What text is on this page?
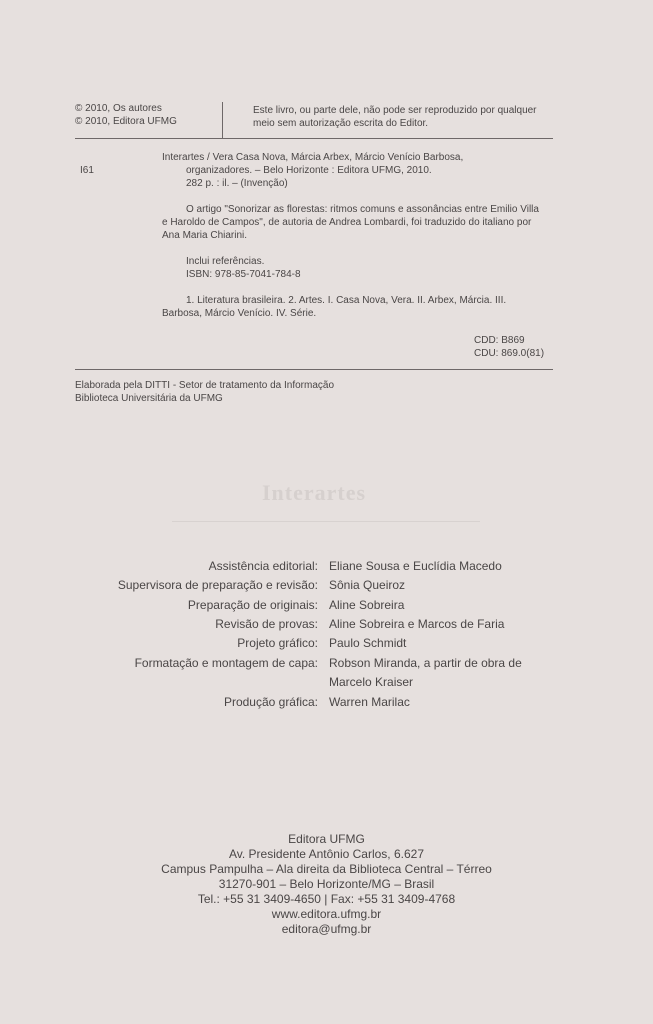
Interartes
© 2010, Os autores
© 2010, Editora UFMG
Este livro, ou parte dele, não pode ser reproduzido por qualquer
meio sem autorização escrita do Editor.
I61
Interartes / Vera Casa Nova, Márcia Arbex, Márcio Venício Barbosa,
organizadores. – Belo Horizonte : Editora UFMG, 2010.
282 p. : il. – (Invenção)
O artigo "Sonorizar as florestas: ritmos comuns e assonâncias entre Emilio Villa
e Haroldo de Campos", de autoria de Andrea Lombardi, foi traduzido do italiano por
Ana Maria Chiarini.
Inclui referências.
ISBN: 978-85-7041-784-8
1. Literatura brasileira. 2. Artes. I. Casa Nova, Vera. II. Arbex, Márcia. III.
Barbosa, Márcio Venício. IV. Série.
CDD: B869
CDU: 869.0(81)
Elaborada pela DITTI - Setor de tratamento da Informação
Biblioteca Universitária da UFMG
Assistência editorial: Eliane Sousa e Euclídia Macedo
Supervisora de preparação e revisão: Sônia Queiroz
Preparação de originais: Aline Sobreira
Revisão de provas: Aline Sobreira e Marcos de Faria
Projeto gráfico: Paulo Schmidt
Formatação e montagem de capa: Robson Miranda, a partir de obra de
Marcelo Kraiser
Produção gráfica: Warren Marilac
Editora UFMG
Av. Presidente Antônio Carlos, 6.627
Campus Pampulha – Ala direita da Biblioteca Central – Térreo
31270-901 – Belo Horizonte/MG – Brasil
Tel.: +55 31 3409-4650 | Fax: +55 31 3409-4768
www.editora.ufmg.br
editora@ufmg.br
